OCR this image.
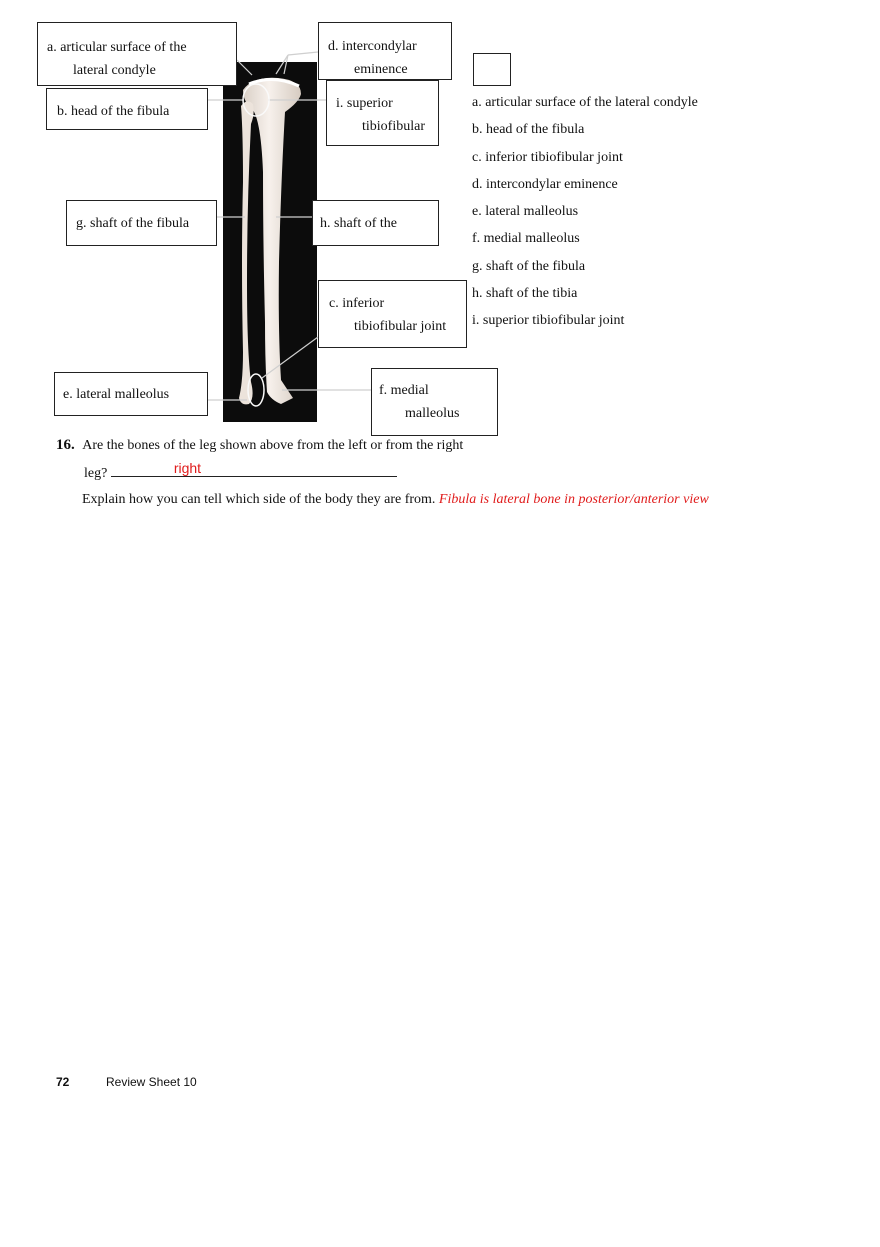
a. articular surface of the
lateral condyle
b. head of the fibula
d. intercondylar
eminence
i. superior
tibiofibular
g. shaft of the fibula	h. shaft of the
c. inferior
tibiofibular joint
e. lateral malleolus	f. medial
malleolus
a. articular surface of the lateral condyle
b. head of the fibula
c. inferior tibiofibular joint
d. intercondylar eminence
e. lateral malleolus
f. medial malleolus
g. shaft of the fibula
h. shaft of the tibia
i. superior tibiofibular joint
16. Are the bones of the leg shown above from the left or from the right
leg?	right
Explain how you can tell which side of the body they are from. Fibula is lateral bone in posterior/anterior view
72	Review Sheet 10
